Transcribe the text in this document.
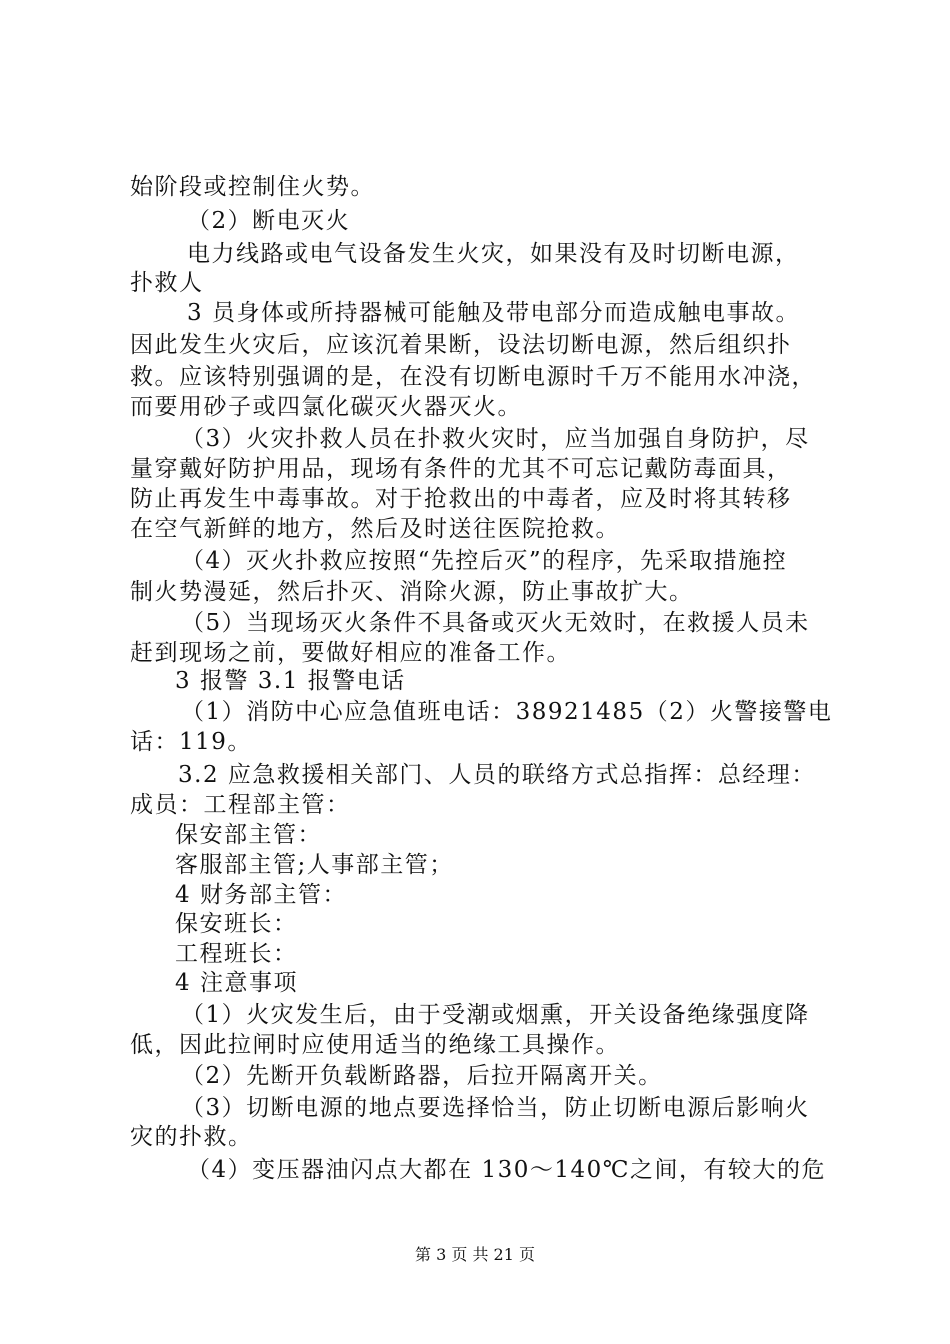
始阶段或控制住火势。
（2）断电灭火
电力线路或电气设备发生火灾，如果没有及时切断电源，
扑救人
3 员身体或所持器械可能触及带电部分而造成触电事故。
因此发生火灾后，应该沉着果断，设法切断电源，然后组织扑
救。应该特别强调的是，在没有切断电源时千万不能用水冲浇，
而要用砂子或四氯化碳灭火器灭火。
（3）火灾扑救人员在扑救火灾时，应当加强自身防护，尽
量穿戴好防护用品，现场有条件的尤其不可忘记戴防毒面具，
防止再发生中毒事故。对于抢救出的中毒者，应及时将其转移
在空气新鲜的地方，然后及时送往医院抢救。
（4）灭火扑救应按照“先控后灭”的程序，先采取措施控
制火势漫延，然后扑灭、消除火源，防止事故扩大。
（5）当现场灭火条件不具备或灭火无效时，在救援人员未
赶到现场之前，要做好相应的准备工作。
3 报警 3.1 报警电话
（1）消防中心应急值班电话：38921485（2）火警接警电
话：119。
3.2 应急救援相关部门、人员的联络方式总指挥：总经理：
成员：工程部主管：
保安部主管：
客服部主管;人事部主管；
4 财务部主管：
保安班长：
工程班长：
4 注意事项
（1）火灾发生后，由于受潮或烟熏，开关设备绝缘强度降
低，因此拉闸时应使用适当的绝缘工具操作。
（2）先断开负载断路器，后拉开隔离开关。
（3）切断电源的地点要选择恰当，防止切断电源后影响火
灾的扑救。
（4）变压器油闪点大都在 130～140℃之间，有较大的危
第 3 页 共 21 页
